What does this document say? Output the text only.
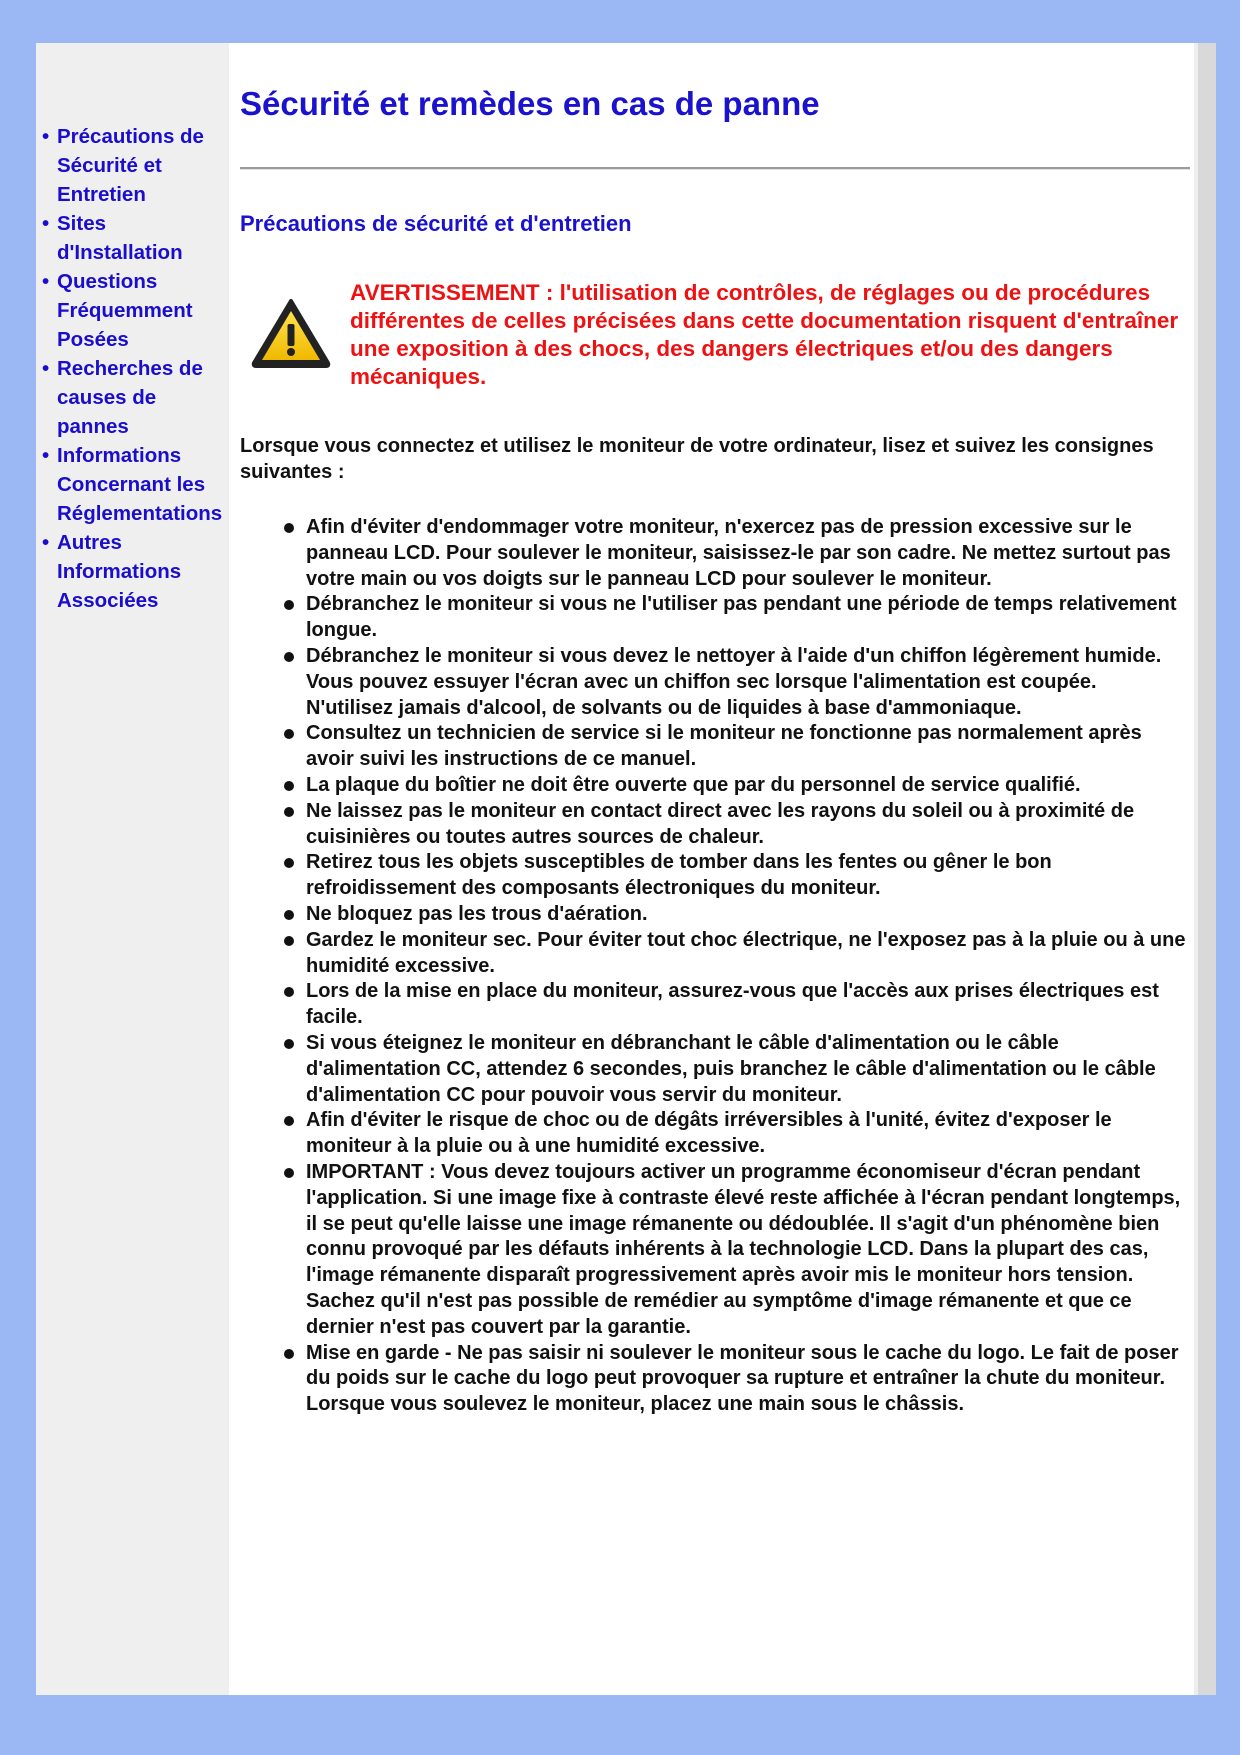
• Précautions de
Sécurité et
Entretien
• Sites
d'Installation
• Questions
Fréquemment
Posées
• Recherches de
causes de
pannes
• Informations
Concernant les
Réglementations
• Autres
Informations
Associées
Sécurité et remèdes en cas de panne
Précautions de sécurité et d'entretien
AVERTISSEMENT : l'utilisation de contrôles, de réglages ou de procédures différentes de celles précisées dans cette documentation risquent d'entraîner une exposition à des chocs, des dangers électriques et/ou des dangers mécaniques.
Lorsque vous connectez et utilisez le moniteur de votre ordinateur, lisez et suivez les consignes suivantes :
Afin d'éviter d'endommager votre moniteur, n'exercez pas de pression excessive sur le panneau LCD. Pour soulever le moniteur, saisissez-le par son cadre. Ne mettez surtout pas votre main ou vos doigts sur le panneau LCD pour soulever le moniteur.
Débranchez le moniteur si vous ne l'utiliser pas pendant une période de temps relativement longue.
Débranchez le moniteur si vous devez le nettoyer à l'aide d'un chiffon légèrement humide. Vous pouvez essuyer l'écran avec un chiffon sec lorsque l'alimentation est coupée. N'utilisez jamais d'alcool, de solvants ou de liquides à base d'ammoniaque.
Consultez un technicien de service si le moniteur ne fonctionne pas normalement après avoir suivi les instructions de ce manuel.
La plaque du boîtier ne doit être ouverte que par du personnel de service qualifié.
Ne laissez pas le moniteur en contact direct avec les rayons du soleil ou à proximité de cuisinières ou toutes autres sources de chaleur.
Retirez tous les objets susceptibles de tomber dans les fentes ou gêner le bon refroidissement des composants électroniques du moniteur.
Ne bloquez pas les trous d'aération.
Gardez le moniteur sec. Pour éviter tout choc électrique, ne l'exposez pas à la pluie ou à une humidité excessive.
Lors de la mise en place du moniteur, assurez-vous que l'accès aux prises électriques est facile.
Si vous éteignez le moniteur en débranchant le câble d'alimentation ou le câble d'alimentation CC, attendez 6 secondes, puis branchez le câble d'alimentation ou le câble d'alimentation CC pour pouvoir vous servir du moniteur.
Afin d'éviter le risque de choc ou de dégâts irréversibles à l'unité, évitez d'exposer le moniteur à la pluie ou à une humidité excessive.
IMPORTANT : Vous devez toujours activer un programme économiseur d'écran pendant l'application. Si une image fixe à contraste élevé reste affichée à l'écran pendant longtemps, il se peut qu'elle laisse une image rémanente ou dédoublée. Il s'agit d'un phénomène bien connu provoqué par les défauts inhérents à la technologie LCD. Dans la plupart des cas, l'image rémanente disparaît progressivement après avoir mis le moniteur hors tension. Sachez qu'il n'est pas possible de remédier au symptôme d'image rémanente et que ce dernier n'est pas couvert par la garantie.
Mise en garde - Ne pas saisir ni soulever le moniteur sous le cache du logo. Le fait de poser du poids sur le cache du logo peut provoquer sa rupture et entraîner la chute du moniteur. Lorsque vous soulevez le moniteur, placez une main sous le châssis.
